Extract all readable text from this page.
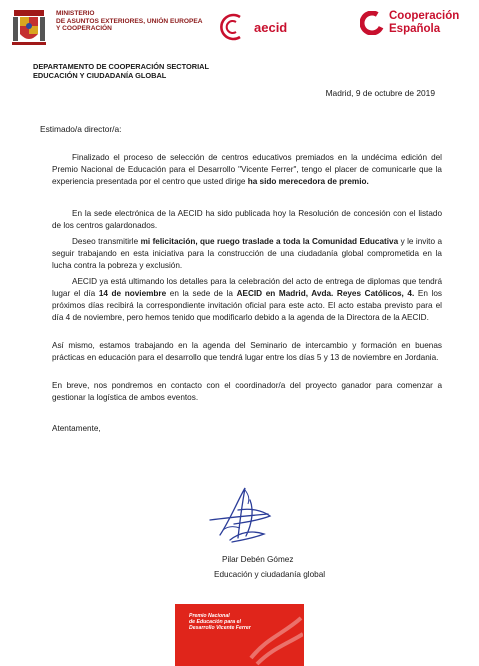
MINISTERIO
DE ASUNTOS EXTERIORES, UNIÓN EUROPEA
Y COOPERACIÓN	aecid
Cooperación
Española
DEPARTAMENTO DE COOPERACIÓN SECTORIAL
EDUCACIÓN Y CIUDADANÍA GLOBAL
Madrid, 9 de octubre de 2019
Estimado/a director/a:
Finalizado el proceso de selección de centros educativos premiados en la undécima edición del Premio Nacional de Educación para el Desarrollo "Vicente Ferrer", tengo el placer de comunicarle que la experiencia presentada por el centro que usted dirige ha sido merecedora de premio.
En la sede electrónica de la AECID ha sido publicada hoy la Resolución de concesión con el listado de los centros galardonados.
Deseo transmitirle mi felicitación, que ruego traslade a toda la Comunidad Educativa y le invito a seguir trabajando en esta iniciativa para la construcción de una ciudadanía global comprometida en la lucha contra la pobreza y exclusión.
AECID ya está ultimando los detalles para la celebración del acto de entrega de diplomas que tendrá lugar el día 14 de noviembre en la sede de la AECID en Madrid, Avda. Reyes Católicos, 4. En los próximos días recibirá la correspondiente invitación oficial para este acto. El acto estaba previsto para el día 4 de noviembre, pero hemos tenido que modificarlo debido a la agenda de la Directora de la AECID.
Así mismo, estamos trabajando en la agenda del Seminario de intercambio y formación en buenas prácticas en educación para el desarrollo que tendrá lugar entre los días 5 y 13 de noviembre en Jordania.
En breve, nos pondremos en contacto con el coordinador/a del proyecto ganador para comenzar a gestionar la logística de ambos eventos.
Atentamente,
Pilar Debén Gómez
Educación y ciudadanía global
Premio Nacional
de Educación para el
Desarrollo Vicente Ferrer
